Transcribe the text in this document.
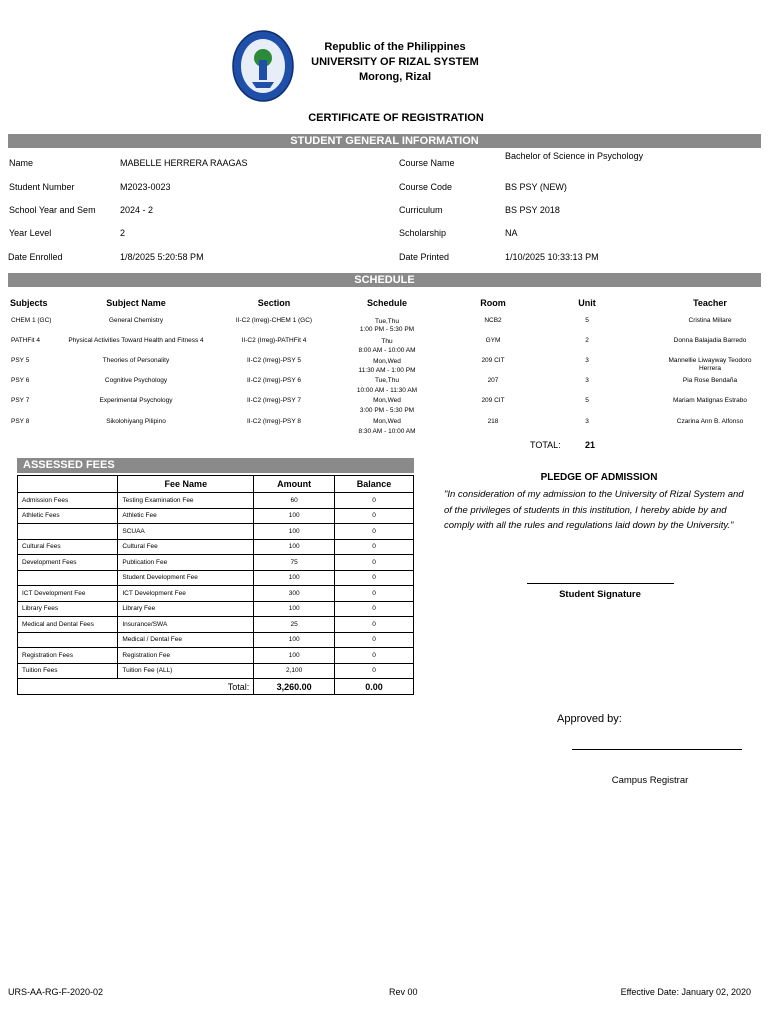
Republic of the Philippines
UNIVERSITY OF RIZAL SYSTEM
Morong, Rizal
CERTIFICATE OF REGISTRATION
STUDENT GENERAL INFORMATION
Name	MABELLE HERRERA RAAGAS
Student Number	M2023-0023
School Year and Sem	2024 - 2
Year Level	2
Date Enrolled	1/8/2025 5:20:58 PM
Course Name
Bachelor of Science in Psychology
Course Code	BS PSY (NEW)
Curriculum	BS PSY 2018
Scholarship	NA
Date Printed	1/10/2025 10:33:13 PM
SCHEDULE
Subjects	Subject Name	Section	Schedule	Room	Unit	Teacher
CHEM 1 (GC)	General Chemistry	II-C2 (Irreg)-CHEM 1 (GC)	Tue,Thu
1:00 PM - 5:30 PM
NCB2	5	Cristina Millare
PATHFit 4	Physical Activities Toward Health and Fitness 4	II-C2 (Irreg)-PATHFit 4	Thu
8:00 AM - 10:00 AM
GYM	2	Donna Balajadia Barredo
PSY 5	Theories of Personality	II-C2 (Irreg)-PSY 5	Mon,Wed
11:30 AM - 1:00 PM
209 CIT	3	Mannellie Liwayway Teodoro Herrera
PSY 6	Cognitive Psychology	II-C2 (Irreg)-PSY 6	Tue,Thu
10:00 AM - 11:30 AM
207	3	Pia Rose Bendaña
PSY 7	Experimental Psychology	II-C2 (Irreg)-PSY 7	Mon,Wed
3:00 PM - 5:30 PM
209 CIT	5	Mariam Matignas Estrabo
PSY 8	Sikolohiyang Pilipino	II-C2 (Irreg)-PSY 8	Mon,Wed
8:30 AM - 10:00 AM
218	3	Czarina Ann B. Alfonso
TOTAL:	21
ASSESSED FEES
	Fee Name	Amount	Balance
Admission Fees	Testing Examination Fee	60	0
Athletic Fees	Athletic Fee	100	0
	SCUAA	100	0
Cultural Fees	Cultural Fee	100	0
Development Fees	Publication Fee	75	0
	Student Development Fee	100	0
ICT Development Fee	ICT Development Fee	300	0
Library Fees	Library Fee	100	0
Medical and Dental Fees	Insurance/SWA	25	0
	Medical / Dental Fee	100	0
Registration Fees	Registration Fee	100	0
Tuition Fees	Tuition Fee (ALL)	2,100	0
Total:		3,260.00	0.00
PLEDGE OF ADMISSION
"In consideration of my admission to the University of Rizal System and of the privileges of students in this institution, I hereby abide by and comply with all the rules and regulations laid down by the University."
Student Signature
Approved by:
Campus Registrar
URS-AA-RG-F-2020-02	Rev 00	Effective Date: January 02, 2020
